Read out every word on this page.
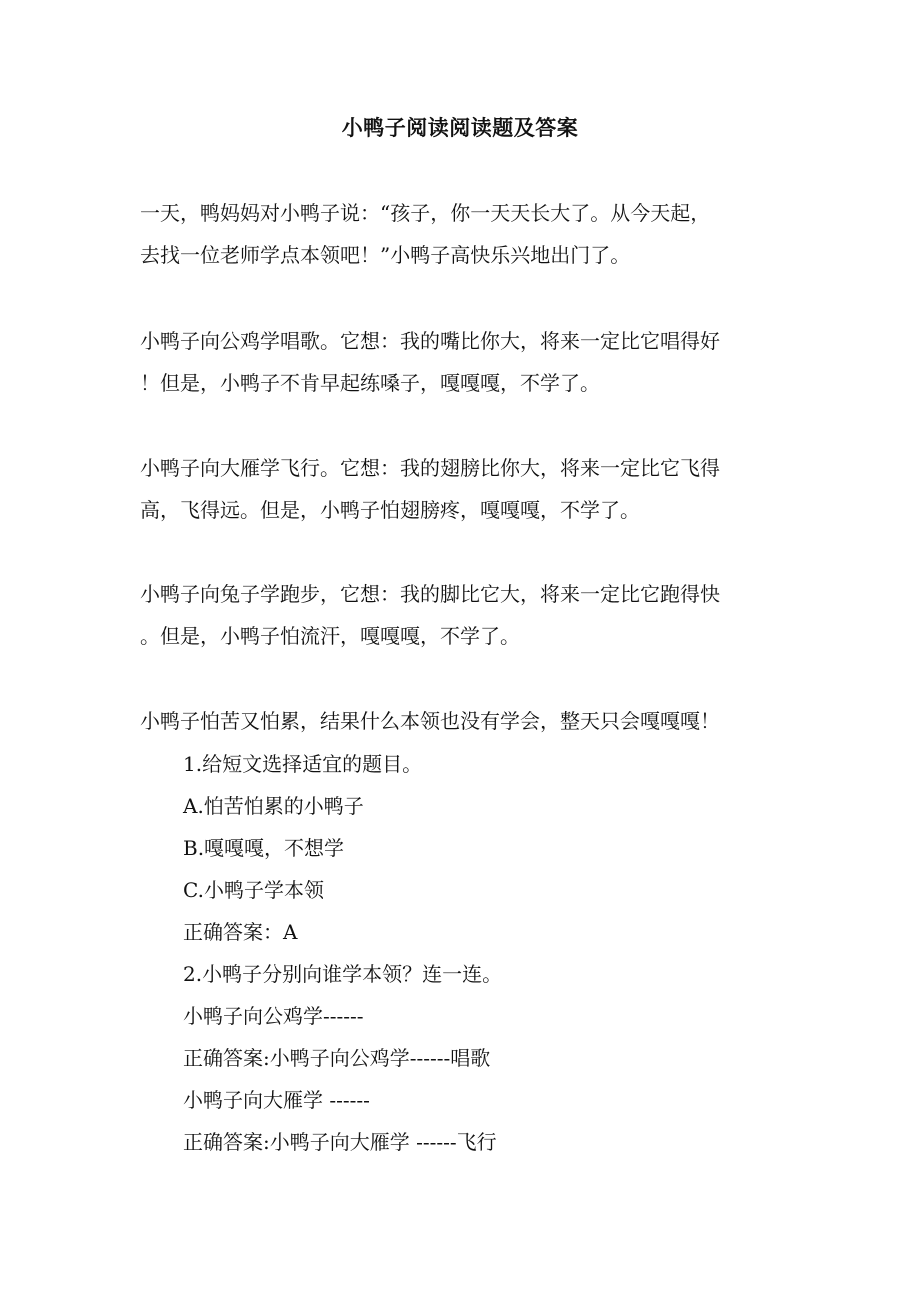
小鸭子阅读阅读题及答案
一天，鸭妈妈对小鸭子说：“孩子，你一天天长大了。从今天起，
去找一位老师学点本领吧！”小鸭子高快乐兴地出门了。
小鸭子向公鸡学唱歌。它想：我的嘴比你大，将来一定比它唱得好
！但是，小鸭子不肯早起练嗓子，嘎嘎嘎，不学了。
小鸭子向大雁学飞行。它想：我的翅膀比你大，将来一定比它飞得
高，飞得远。但是，小鸭子怕翅膀疼，嘎嘎嘎，不学了。
小鸭子向兔子学跑步，它想：我的脚比它大，将来一定比它跑得快
。但是，小鸭子怕流汗，嘎嘎嘎，不学了。
小鸭子怕苦又怕累，结果什么本领也没有学会，整天只会嘎嘎嘎！
1.给短文选择适宜的题目。
A.怕苦怕累的小鸭子
B.嘎嘎嘎，不想学
C.小鸭子学本领
正确答案：A
2.小鸭子分别向谁学本领？连一连。
小鸭子向公鸡学------
正确答案:小鸭子向公鸡学------唱歌
小鸭子向大雁学 ------
正确答案:小鸭子向大雁学 ------飞行
